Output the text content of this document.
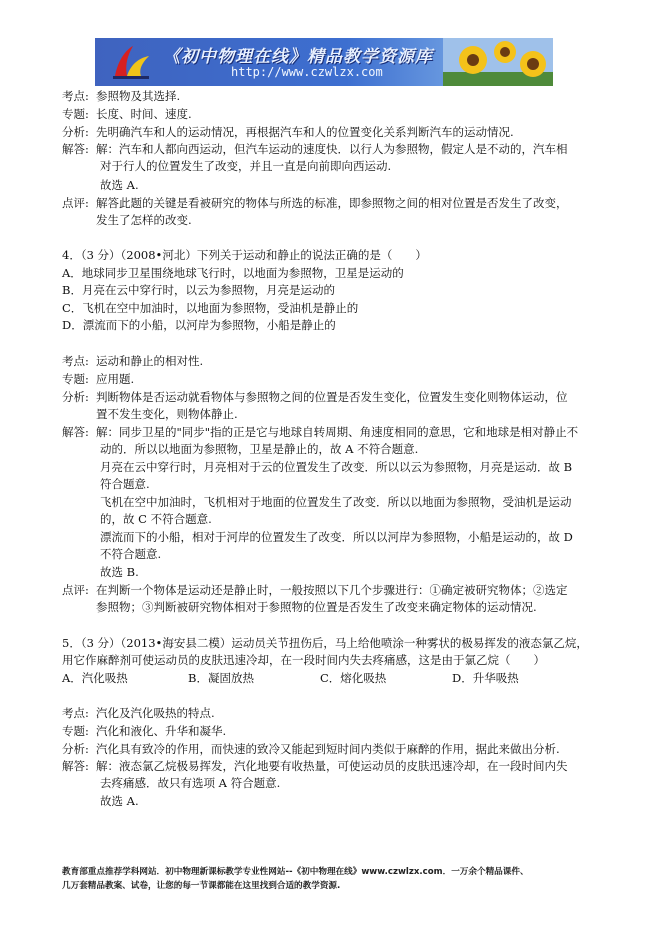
《初中物理在线》精品教学资源库
http://www.czwlzx.com
考点: 参照物及其选择.
专题: 长度、时间、速度.
分析: 先明确汽车和人的运动情况，再根据汽车和人的位置变化关系判断汽车的运动情况.
解答: 解：汽车和人都向西运动，但汽车运动的速度快．以行人为参照物，假定人是不动的，汽车相
对于行人的位置发生了改变，并且一直是向前即向西运动.
故选 A.
点评: 解答此题的关键是看被研究的物体与所选的标准，即参照物之间的相对位置是否发生了改变，
发生了怎样的改变.
4．（3 分）（2008•河北）下列关于运动和静止的说法正确的是（　　）
A．地球同步卫星围绕地球飞行时，以地面为参照物，卫星是运动的
B．月亮在云中穿行时，以云为参照物，月亮是运动的
C．飞机在空中加油时，以地面为参照物，受油机是静止的
D．漂流而下的小船，以河岸为参照物，小船是静止的
考点: 运动和静止的相对性.
专题: 应用题.
分析: 判断物体是否运动就看物体与参照物之间的位置是否发生变化，位置发生变化则物体运动，位
置不发生变化，则物体静止.
解答: 解：同步卫星的"同步"指的正是它与地球自转周期、角速度相同的意思，它和地球是相对静止不
动的．所以以地面为参照物，卫星是静止的，故 A 不符合题意.
月亮在云中穿行时，月亮相对于云的位置发生了改变．所以以云为参照物，月亮是运动．故 B
符合题意.
飞机在空中加油时，飞机相对于地面的位置发生了改变．所以以地面为参照物，受油机是运动
的，故 C 不符合题意.
漂流而下的小船，相对于河岸的位置发生了改变．所以以河岸为参照物，小船是运动的，故 D
不符合题意.
故选 B.
点评: 在判断一个物体是运动还是静止时，一般按照以下几个步骤进行：①确定被研究物体；②选定
参照物；③判断被研究物体相对于参照物的位置是否发生了改变来确定物体的运动情况.
5．（3 分）（2013•海安县二模）运动员关节扭伤后，马上给他喷涂一种雾状的极易挥发的液态氯乙烷，
用它作麻醉剂可使运动员的皮肤迅速冷却，在一段时间内失去疼痛感，这是由于氯乙烷（　　）
A．汽化吸热	B．凝固放热	C．熔化吸热	D．升华吸热
考点: 汽化及汽化吸热的特点.
专题: 汽化和液化、升华和凝华.
分析: 汽化具有致冷的作用，而快速的致冷又能起到短时间内类似于麻醉的作用，据此来做出分析.
解答: 解：液态氯乙烷极易挥发，汽化地要有收热量，可使运动员的皮肤迅速冷却，在一段时间内失
去疼痛感．故只有选项 A 符合题意.
故选 A.
教育部重点推荐学科网站．初中物理新课标教学专业性网站--《初中物理在线》www.czwlzx.com．一万余个精品课件、
几万套精品教案、试卷，让您的每一节课都能在这里找到合适的教学资源.
